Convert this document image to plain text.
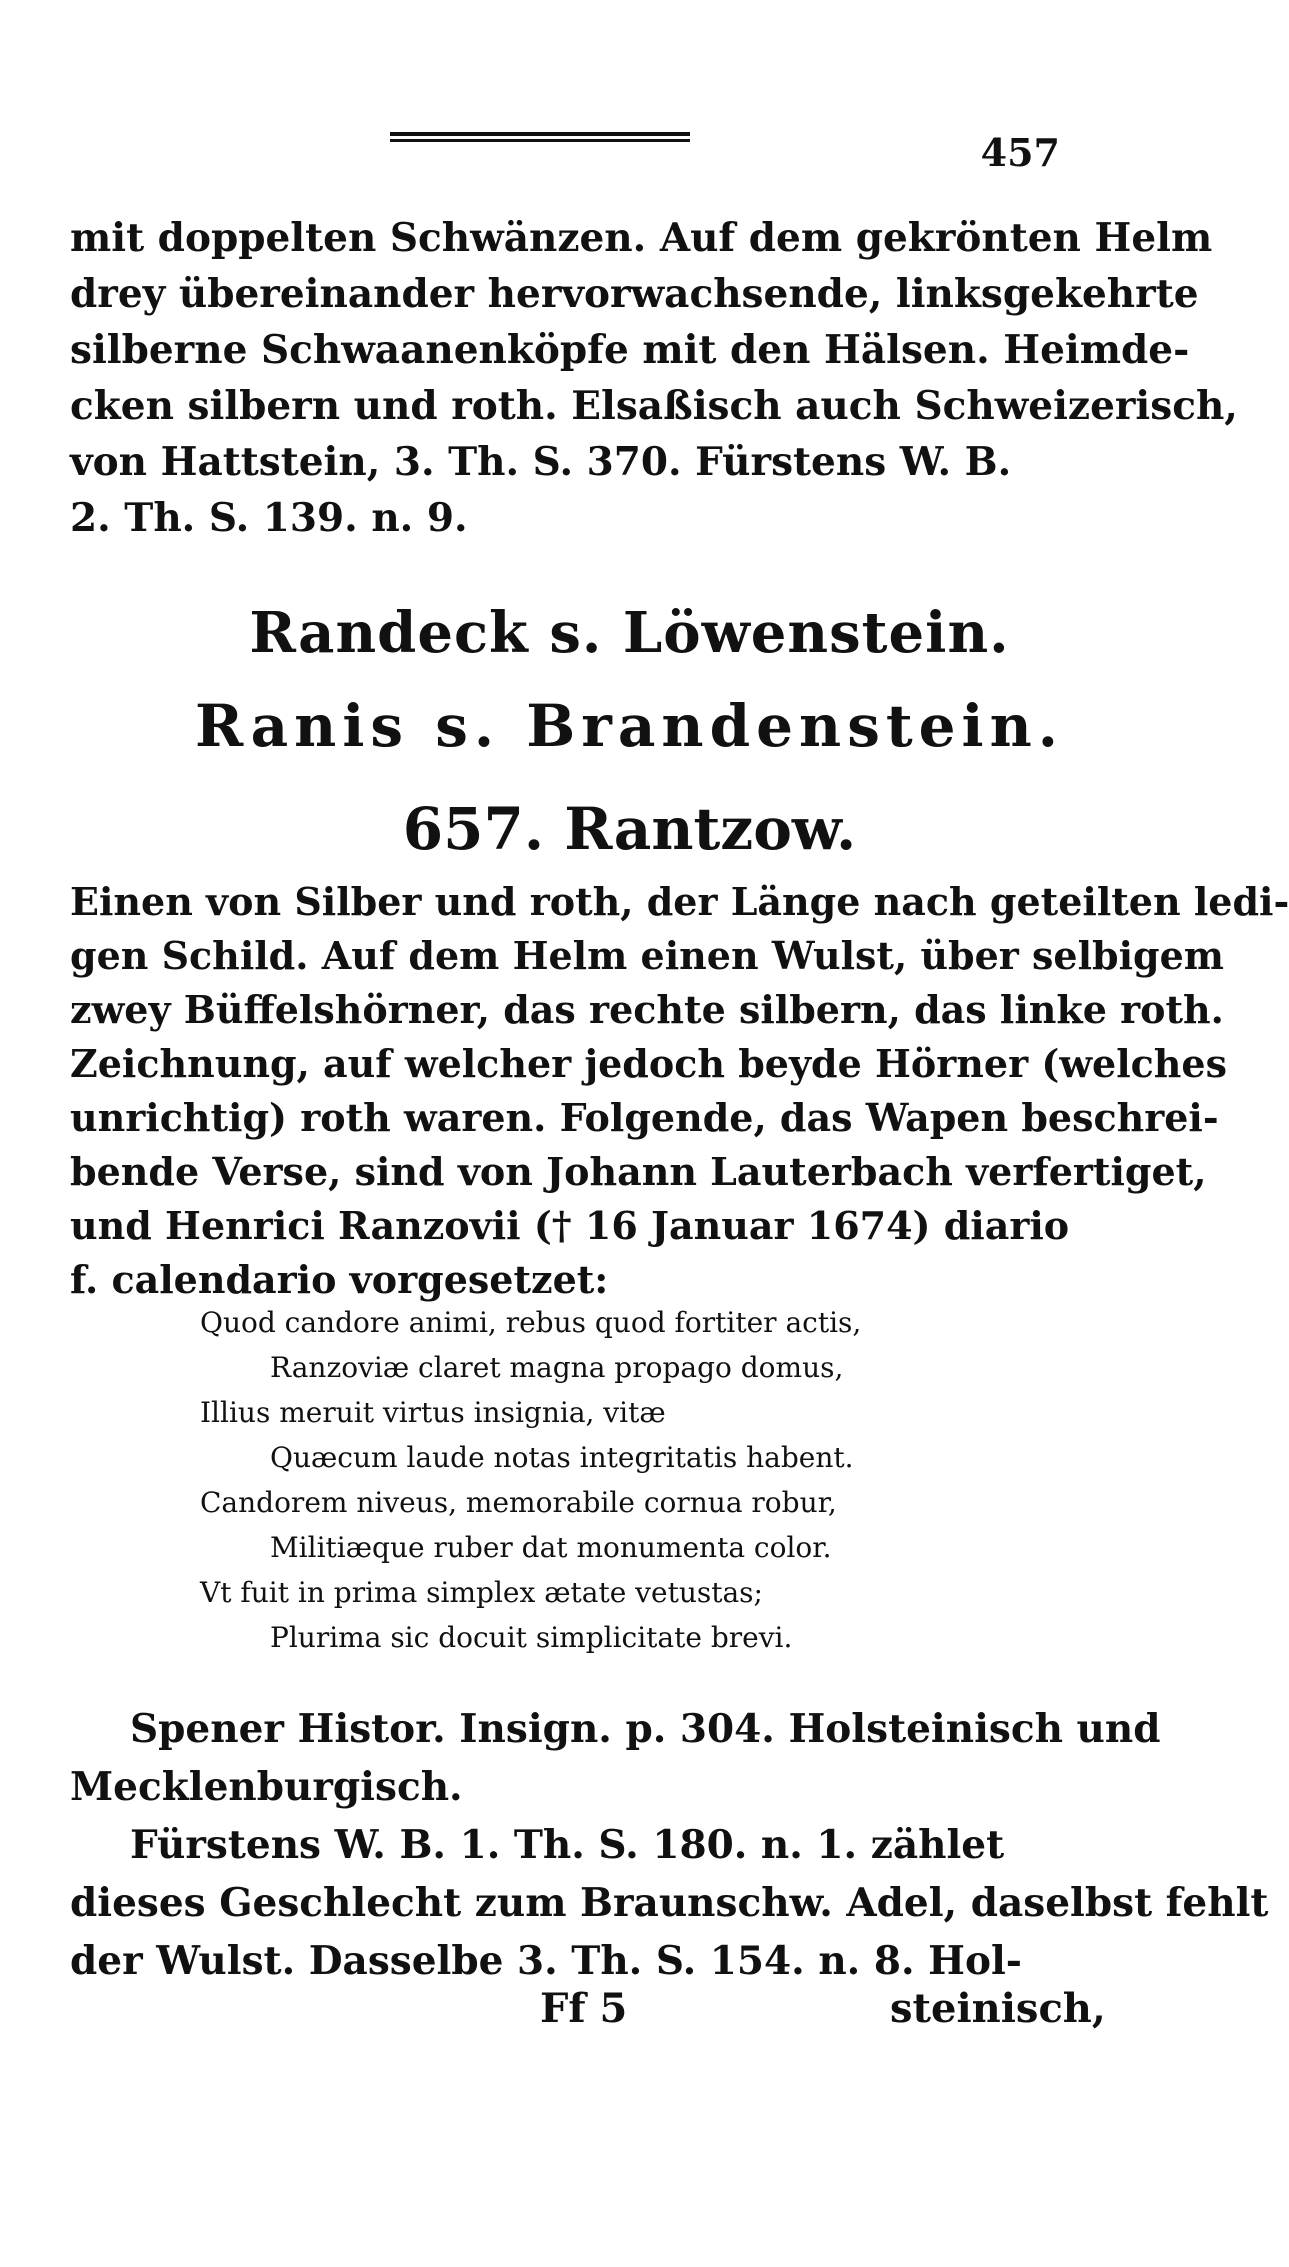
457
mit doppelten Schwänzen. Auf dem gekrönten Helm
drey übereinander hervorwachsende, linksgekehrte
silberne Schwaanenköpfe mit den Hälsen. Heimde-
cken silbern und roth. Elsaßisch auch Schweizerisch,
von Hattstein, 3. Th. S. 370. Fürstens W. B.
2. Th. S. 139. n. 9.
Randeck s. Löwenstein.
Ranis s. Brandenstein.
657. Rantzow.
Einen von Silber und roth, der Länge nach geteilten ledi-
gen Schild. Auf dem Helm einen Wulst, über selbigem
zwey Büffelshörner, das rechte silbern, das linke roth.
Zeichnung, auf welcher jedoch beyde Hörner (welches
unrichtig) roth waren. Folgende, das Wapen beschrei-
bende Verse, sind von Johann Lauterbach verfertiget,
und Henrici Ranzovii († 16 Januar 1674) diario
f. calendario vorgesetzet:
Quod candore animi, rebus quod fortiter actis,
Ranzoviæ claret magna propago domus,
Illius meruit virtus insignia, vitæ
Quæcum laude notas integritatis habent.
Candorem niveus, memorabile cornua robur,
Militiæque ruber dat monumenta color.
Vt fuit in prima simplex ætate vetustas;
Plurima sic docuit simplicitate brevi.
Spener Histor. Insign. p. 304. Holsteinisch und
Mecklenburgisch.
Fürstens W. B. 1. Th. S. 180. n. 1. zählet
dieses Geschlecht zum Braunschw. Adel, daselbst fehlt
der Wulst. Dasselbe 3. Th. S. 154. n. 8. Hol-
Ff 5	steinisch,
